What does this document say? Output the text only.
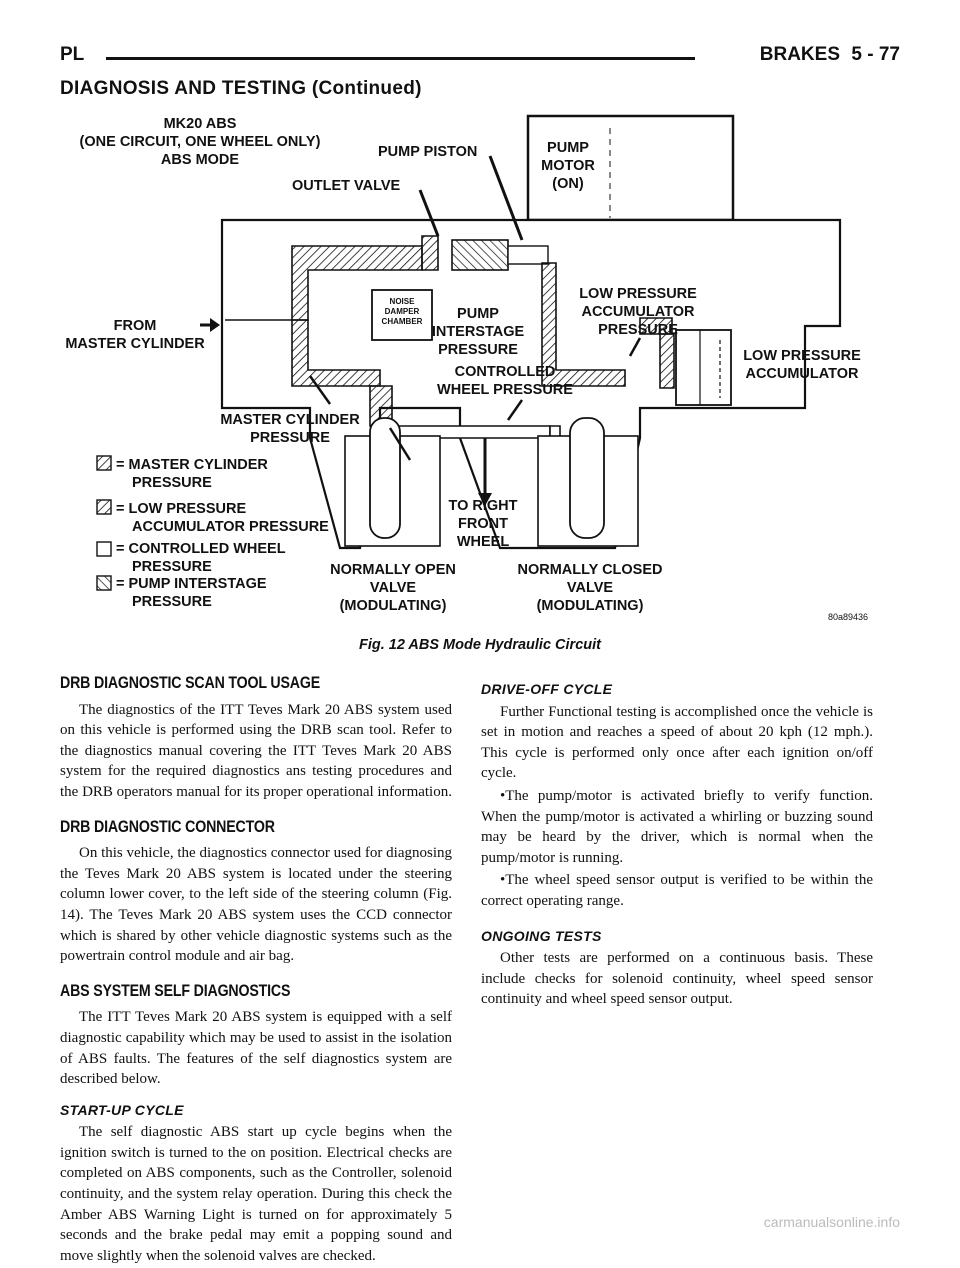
PL	BRAKES 5 - 77
DIAGNOSIS AND TESTING (Continued)
MK20 ABS
(ONE CIRCUIT, ONE WHEEL ONLY)
ABS MODE	PUMP PISTON
OUTLET VALVE
PUMP
MOTOR
(ON)
NOISE
DAMPER
CHAMBER PUMP
INTERSTAGE
PRESSURE
LOW PRESSURE
ACCUMULATOR
PRESSURE
FROM
MASTER CYLINDER
LOW PRESSURE
ACCUMULATOR
CONTROLLED
WHEEL PRESSURE
MASTER CYLINDER
PRESSURE
TO RIGHT
FRONT
WHEEL
NORMALLY OPEN
VALVE
(MODULATING)
NORMALLY CLOSED
VALVE
(MODULATING)
= MASTER CYLINDER
PRESSURE
= LOW PRESSURE
ACCUMULATOR PRESSURE
= CONTROLLED WHEEL
PRESSURE
= PUMP INTERSTAGE
PRESSURE
80a89436
Fig. 12 ABS Mode Hydraulic Circuit
DRB DIAGNOSTIC SCAN TOOL USAGE

The diagnostics of the ITT Teves Mark 20 ABS system used on this vehicle is performed using the DRB scan tool. Refer to the diagnostics manual covering the ITT Teves Mark 20 ABS system for the required diagnostics ans testing procedures and the DRB operators manual for its proper operational information.

DRB DIAGNOSTIC CONNECTOR

On this vehicle, the diagnostics connector used for diagnosing the Teves Mark 20 ABS system is located under the steering column lower cover, to the left side of the steering column (Fig. 14). The Teves Mark 20 ABS system uses the CCD connector which is shared by other vehicle diagnostic systems such as the powertrain control module and air bag.

ABS SYSTEM SELF DIAGNOSTICS

The ITT Teves Mark 20 ABS system is equipped with a self diagnostic capability which may be used to assist in the isolation of ABS faults. The features of the self diagnostics system are described below.

START-UP CYCLE

The self diagnostic ABS start up cycle begins when the ignition switch is turned to the on position. Electrical checks are completed on ABS components, such as the Controller, solenoid continuity, and the system relay operation. During this check the Amber ABS Warning Light is turned on for approximately 5 seconds and the brake pedal may emit a popping sound and move slightly when the solenoid valves are checked.

DRIVE-OFF CYCLE

Further Functional testing is accomplished once the vehicle is set in motion and reaches a speed of about 20 kph (12 mph.). This cycle is performed only once after each ignition on/off cycle.

•The pump/motor is activated briefly to verify function. When the pump/motor is activated a whirling or buzzing sound may be heard by the driver, which is normal when the pump/motor is running.

•The wheel speed sensor output is verified to be within the correct operating range.

ONGOING TESTS

Other tests are performed on a continuous basis. These include checks for solenoid continuity, wheel speed sensor continuity and wheel speed sensor output.

carmanualsonline.info
